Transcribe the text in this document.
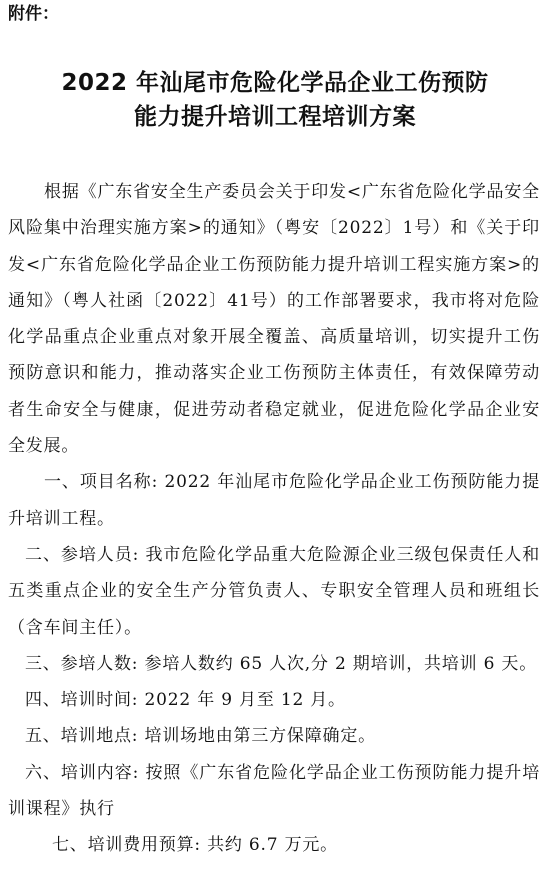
附件：
2022 年汕尾市危险化学品企业工伤预防
能力提升培训工程培训方案

根据《广东省安全生产委员会关于印发<广东省危险化学品安全风险集中治理实施方案>的通知》（粤安〔2022〕1号）和《关于印发<广东省危险化学品企业工伤预防能力提升培训工程实施方案>的通知》（粤人社函〔2022〕41号）的工作部署要求，我市将对危险化学品重点企业重点对象开展全覆盖、高质量培训，切实提升工伤预防意识和能力，推动落实企业工伤预防主体责任，有效保障劳动者生命安全与健康，促进劳动者稳定就业，促进危险化学品企业安全发展。

一、项目名称: 2022 年汕尾市危险化学品企业工伤预防能力提升培训工程。

二、参培人员: 我市危险化学品重大危险源企业三级包保责任人和五类重点企业的安全生产分管负责人、专职安全管理人员和班组长（含车间主任）。

三、参培人数: 参培人数约 65 人次,分 2 期培训，共培训 6 天。

四、培训时间: 2022 年 9 月至 12 月。

五、培训地点: 培训场地由第三方保障确定。

六、培训内容: 按照《广东省危险化学品企业工伤预防能力提升培训课程》执行

七、培训费用预算: 共约 6.7 万元。
